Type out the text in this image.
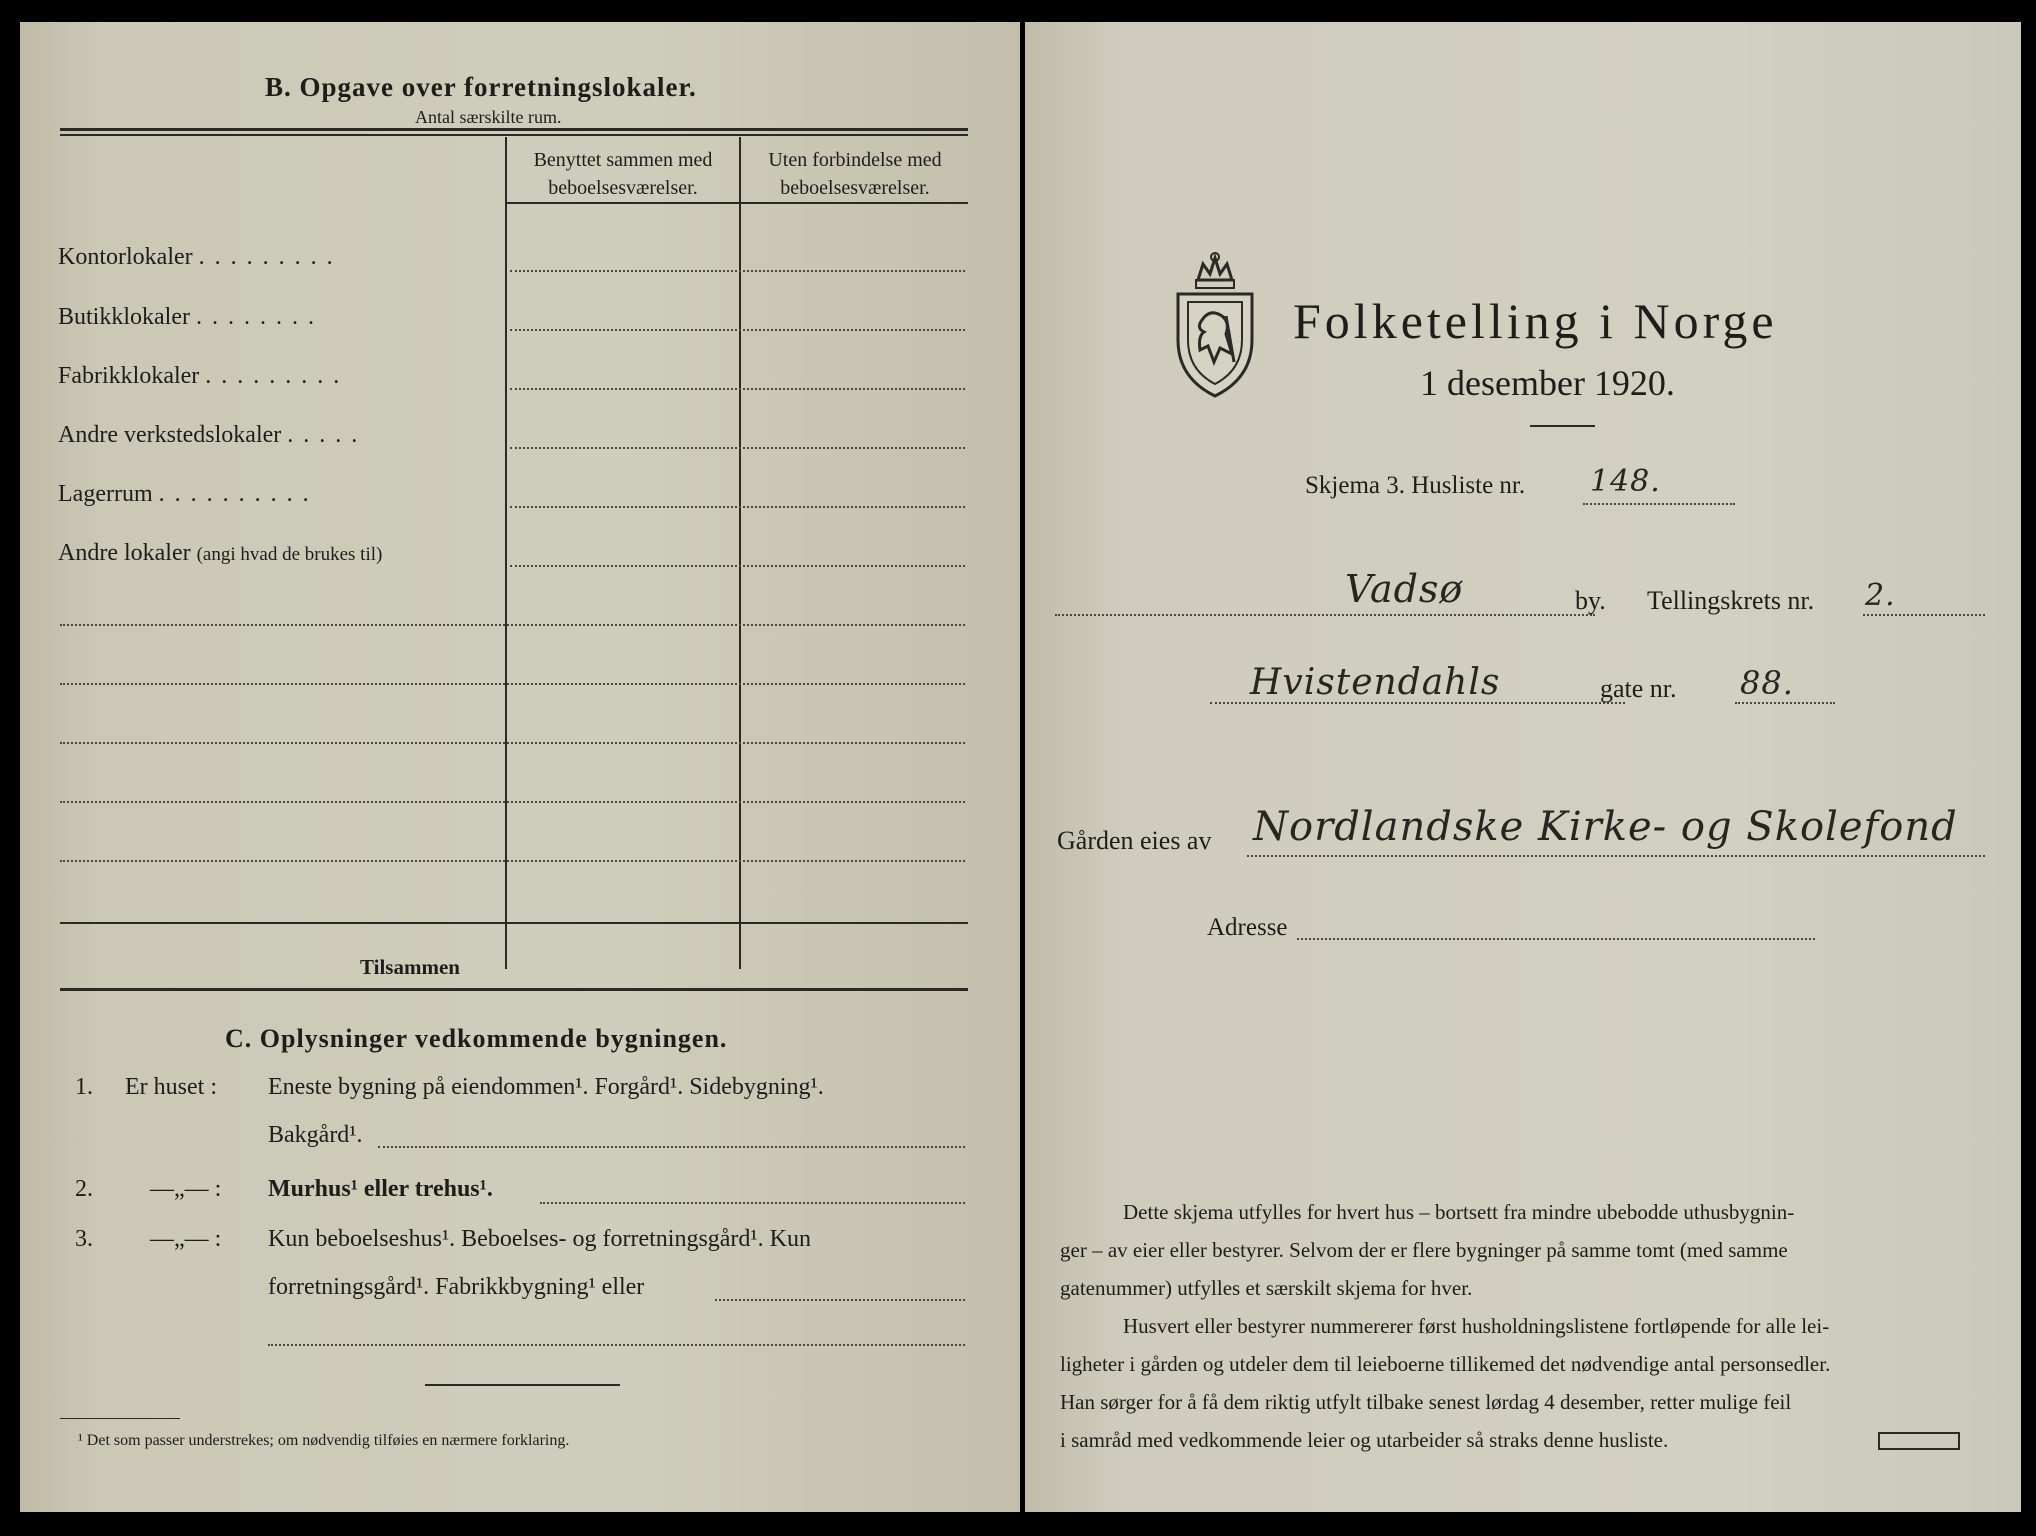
B. Opgave over forretningslokaler.
Antal særskilte rum.
Benyttet sammen med
beboelsesværelser.
Uten forbindelse med
beboelsesværelser.
Kontorlokaler . . . . . . . . .
Butikklokaler . . . . . . . .
Fabrikklokaler . . . . . . . . .
Andre verkstedslokaler . . . . .
Lagerrum . . . . . . . . . .
Andre lokaler (angi hvad de brukes til)
Tilsammen
C. Oplysninger vedkommende bygningen.
1. Er huset : Eneste bygning på eiendommen¹. Forgård¹. Sidebygning¹.
Bakgård¹.
2. —„— : Murhus¹ eller trehus¹.
3. —„— : Kun beboelseshus¹. Beboelses- og forretningsgård¹. Kun
forretningsgård¹. Fabrikkbygning¹ eller
¹ Det som passer understrekes; om nødvendig tilføies en nærmere forklaring.
Folketelling i Norge
1 desember 1920.
Skjema 3. Husliste nr. 148.
Vadsø	by. Tellingskrets nr. 2.
Hvistendahls	gate nr. 88.
Gården eies av Nordlandske Kirke- og Skolefond
Adresse
Dette skjema utfylles for hvert hus – bortsett fra mindre ubebodde uthusbygnin-
ger – av eier eller bestyrer. Selvom der er flere bygninger på samme tomt (med samme
gatenummer) utfylles et særskilt skjema for hver.
Husvert eller bestyrer nummererer først husholdningslistene fortløpende for alle lei-
ligheter i gården og utdeler dem til leieboerne tillikemed det nødvendige antal personsedler.
Han sørger for å få dem riktig utfylt tilbake senest lørdag 4 desember, retter mulige feil
i samråd med vedkommende leier og utarbeider så straks denne husliste.
